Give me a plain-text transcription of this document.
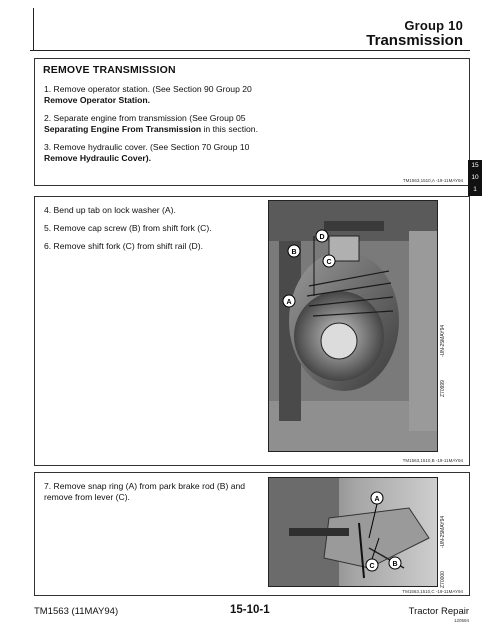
Group 10
Transmission
REMOVE TRANSMISSION
1. Remove operator station. (See Section 90 Group 20
Remove Operator Station.
2. Separate engine from transmission (See Group 05
Separating Engine From Transmission in this section.
3. Remove hydraulic cover. (See Section 70 Group 10
Remove Hydraulic Cover).
TM1563,1510,A -19-11MAY94
15
10
1
4. Bend up tab on lock washer (A).
5. Remove cap screw (B) from shift fork (C).
6. Remove shift fork (C) from shift rail (D).
D
B
C
A
Z70999
-UN-25MAY94
TM1563,1510,B -19-11MAY94
7. Remove snap ring (A) from park brake rod (B) and remove from lever (C).	A
C	B
Z70000
-UN-25MAY94
TM1563,1510,C -19-11MAY94
TM1563 (11MAY94)	15-10-1	Tractor Repair
120594
